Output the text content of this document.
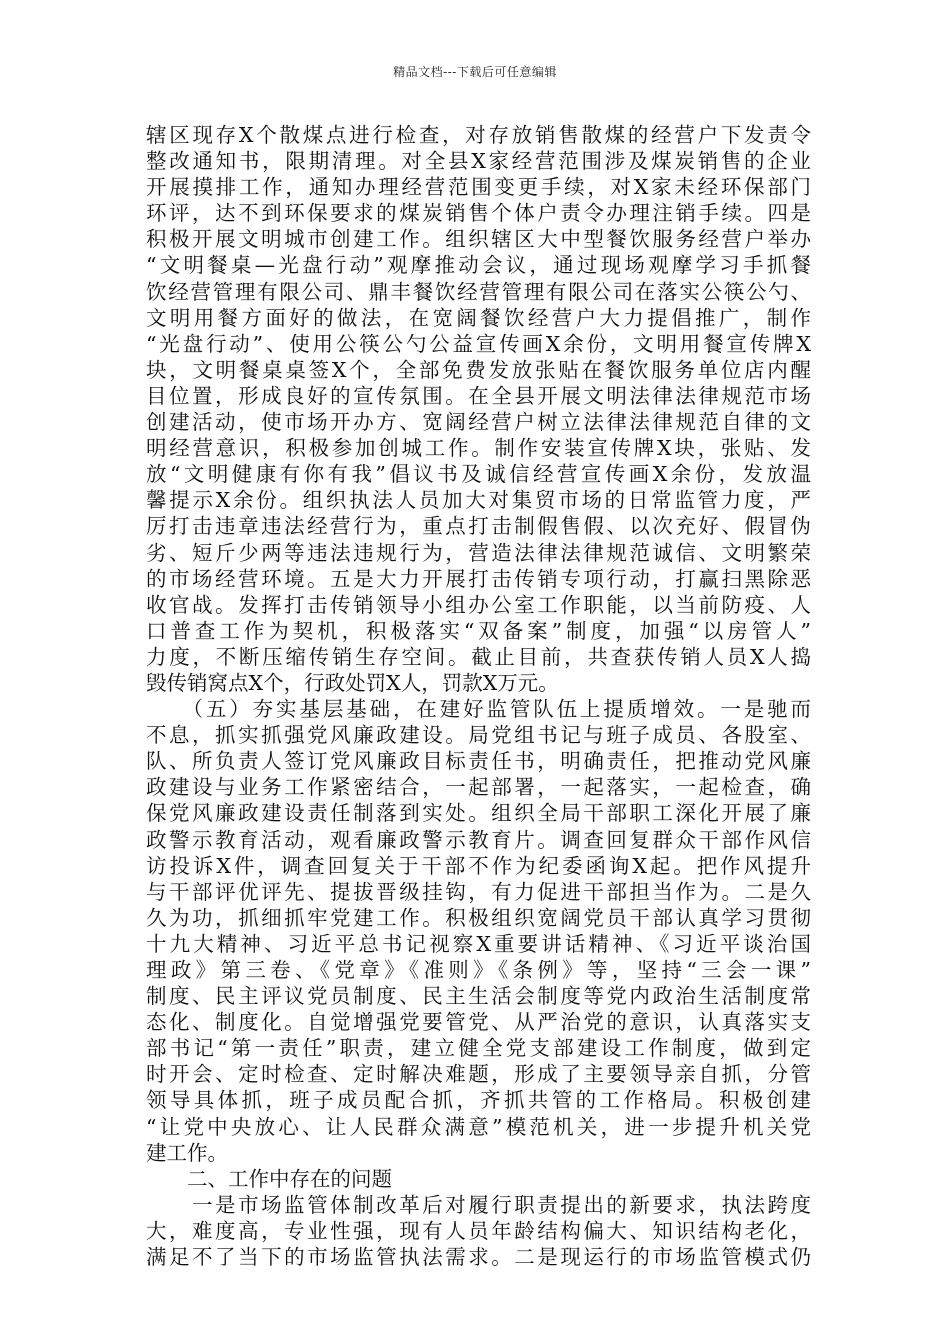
精品文档---下载后可任意编辑
辖区现存X个散煤点进行检查，对存放销售散煤的经营户下发责令
整改通知书，限期清理。对全县X家经营范围涉及煤炭销售的企业
开展摸排工作，通知办理经营范围变更手续，对X家未经环保部门
环评，达不到环保要求的煤炭销售个体户责令办理注销手续。四是
积极开展文明城市创建工作。组织辖区大中型餐饮服务经营户举办
“文明餐桌—光盘行动”观摩推动会议，通过现场观摩学习手抓餐
饮经营管理有限公司、鼎丰餐饮经营管理有限公司在落实公筷公勺、
文明用餐方面好的做法，在宽阔餐饮经营户大力提倡推广，制作
“光盘行动”、使用公筷公勺公益宣传画X余份，文明用餐宣传牌X
块，文明餐桌桌签X个，全部免费发放张贴在餐饮服务单位店内醒
目位置，形成良好的宣传氛围。在全县开展文明法律法律规范市场
创建活动，使市场开办方、宽阔经营户树立法律法律规范自律的文
明经营意识，积极参加创城工作。制作安装宣传牌X块，张贴、发
放“文明健康有你有我”倡议书及诚信经营宣传画X余份，发放温
馨提示X余份。组织执法人员加大对集贸市场的日常监管力度，严
厉打击违章违法经营行为，重点打击制假售假、以次充好、假冒伪
劣、短斤少两等违法违规行为，营造法律法律规范诚信、文明繁荣
的市场经营环境。五是大力开展打击传销专项行动，打赢扫黑除恶
收官战。发挥打击传销领导小组办公室工作职能，以当前防疫、人
口普查工作为契机，积极落实“双备案”制度，加强“以房管人”
力度，不断压缩传销生存空间。截止目前，共查获传销人员X人捣
毁传销窝点X个，行政处罚X人，罚款X万元。
　　（五）夯实基层基础，在建好监管队伍上提质增效。一是驰而
不息，抓实抓强党风廉政建设。局党组书记与班子成员、各股室、
队、所负责人签订党风廉政目标责任书，明确责任，把推动党风廉
政建设与业务工作紧密结合，一起部署，一起落实，一起检查，确
保党风廉政建设责任制落到实处。组织全局干部职工深化开展了廉
政警示教育活动，观看廉政警示教育片。调查回复群众干部作风信
访投诉X件，调查回复关于干部不作为纪委函询X起。把作风提升
与干部评优评先、提拔晋级挂钩，有力促进干部担当作为。二是久
久为功，抓细抓牢党建工作。积极组织宽阔党员干部认真学习贯彻
十九大精神、习近平总书记视察X重要讲话精神、《习近平谈治国
理政》第三卷、《党章》《准则》《条例》等，坚持“三会一课”
制度、民主评议党员制度、民主生活会制度等党内政治生活制度常
态化、制度化。自觉增强党要管党、从严治党的意识，认真落实支
部书记“第一责任”职责，建立健全党支部建设工作制度，做到定
时开会、定时检查、定时解决难题，形成了主要领导亲自抓，分管
领导具体抓，班子成员配合抓，齐抓共管的工作格局。积极创建
“让党中央放心、让人民群众满意”模范机关，进一步提升机关党
建工作。
　　二、工作中存在的问题
　　一是市场监管体制改革后对履行职责提出的新要求，执法跨度
大，难度高，专业性强，现有人员年龄结构偏大、知识结构老化，
满足不了当下的市场监管执法需求。二是现运行的市场监管模式仍
